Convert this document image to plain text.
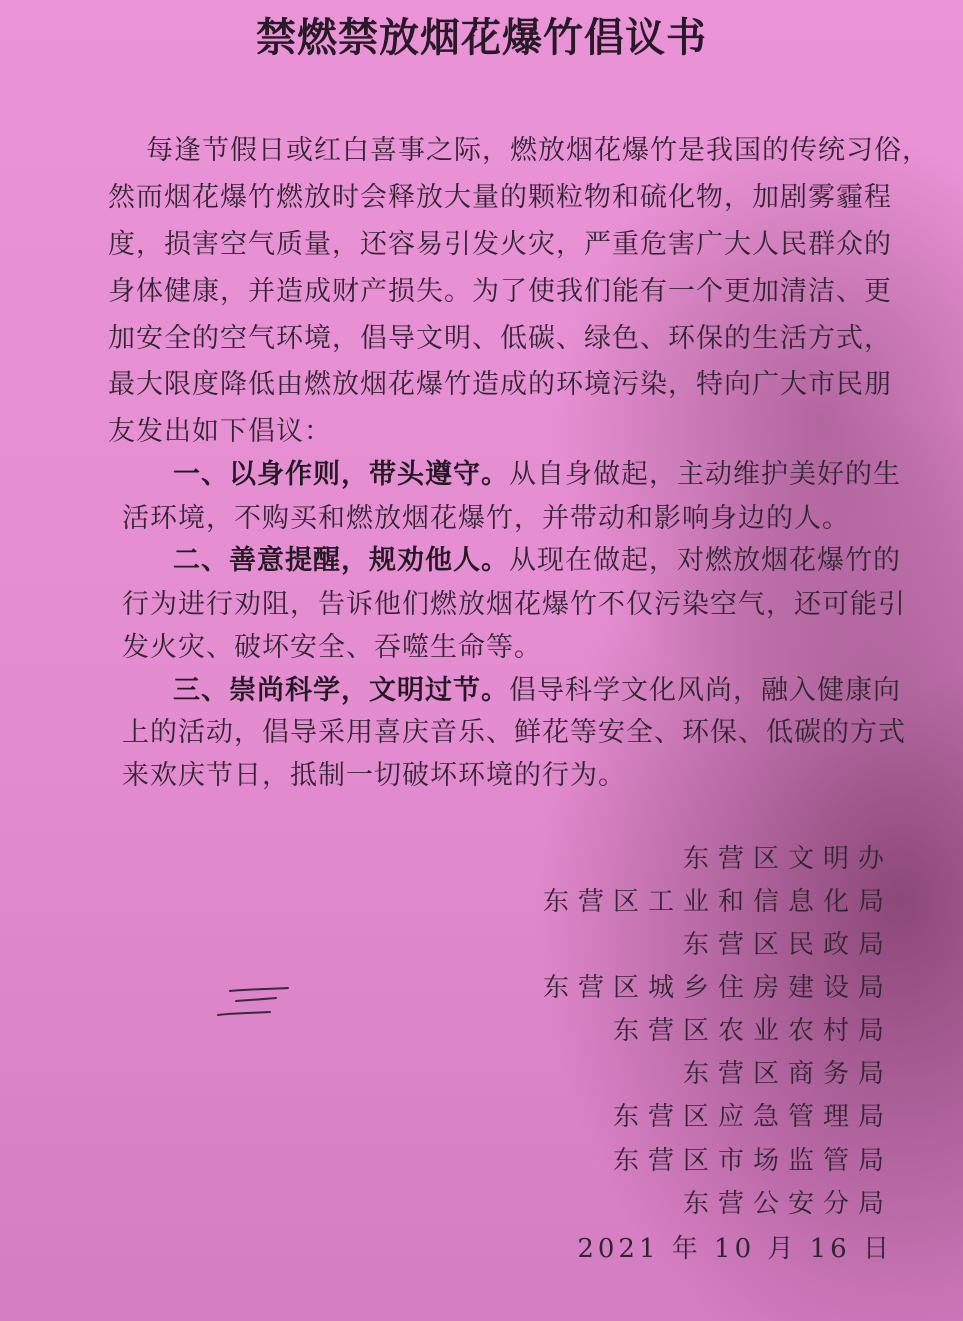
禁燃禁放烟花爆竹倡议书
每逢节假日或红白喜事之际，燃放烟花爆竹是我国的传统习俗，
然而烟花爆竹燃放时会释放大量的颗粒物和硫化物，加剧雾霾程
度，损害空气质量，还容易引发火灾，严重危害广大人民群众的
身体健康，并造成财产损失。为了使我们能有一个更加清洁、更
加安全的空气环境，倡导文明、低碳、绿色、环保的生活方式，
最大限度降低由燃放烟花爆竹造成的环境污染，特向广大市民朋
友发出如下倡议：
一、以身作则，带头遵守。从自身做起，主动维护美好的生
活环境，不购买和燃放烟花爆竹，并带动和影响身边的人。
二、善意提醒，规劝他人。从现在做起，对燃放烟花爆竹的
行为进行劝阻，告诉他们燃放烟花爆竹不仅污染空气，还可能引
发火灾、破坏安全、吞噬生命等。
三、崇尚科学，文明过节。倡导科学文化风尚，融入健康向
上的活动，倡导采用喜庆音乐、鲜花等安全、环保、低碳的方式
来欢庆节日，抵制一切破坏环境的行为。
东营区文明办
东营区工业和信息化局
东营区民政局
东营区城乡住房建设局
东营区农业农村局
东营区商务局
东营区应急管理局
东营区市场监管局
东营公安分局
2021 年 10 月 16 日
